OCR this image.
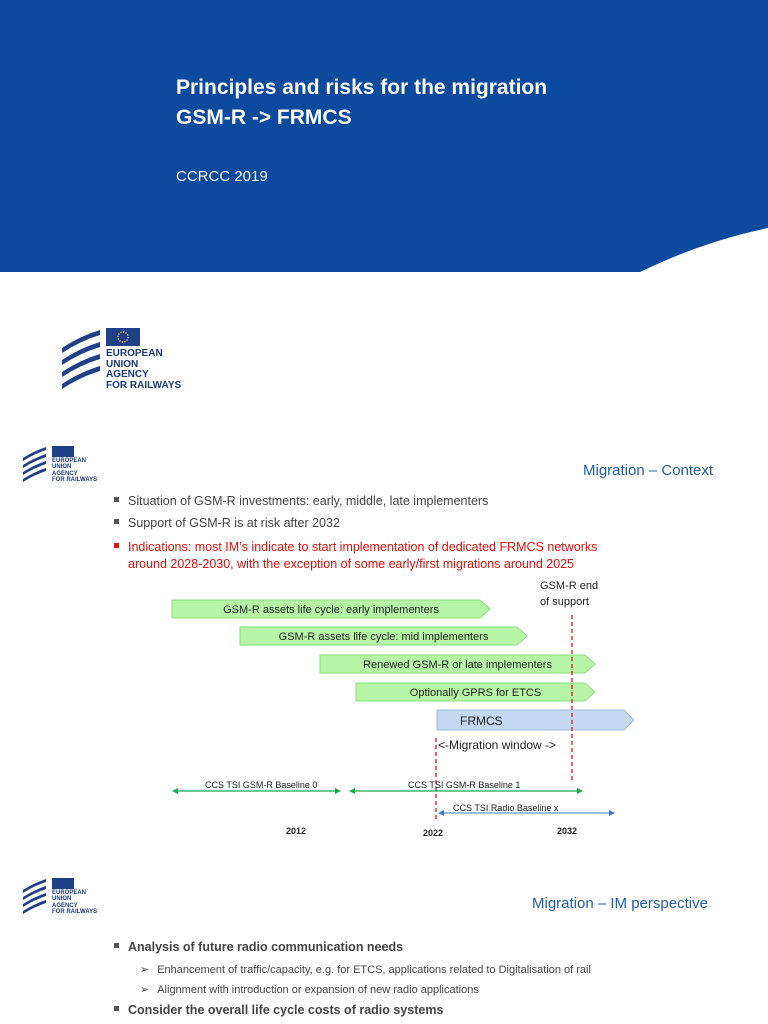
Principles and risks for the migration
GSM-R -> FRMCS
CCRCC 2019
EUROPEAN
UNION
AGENCY
FOR RAILWAYS
EUROPEAN
UNION
AGENCY
FOR RAILWAYS
Migration – Context
Situation of GSM-R investments: early, middle, late implementers
Support of GSM-R is at risk after 2032
Indications: most IM’s indicate to start implementation of dedicated FRMCS networks
around 2028-2030, with the exception of some early/first migrations around 2025
GSM-R end
of support
GSM-R assets life cycle: early implementers
GSM-R assets life cycle: mid implementers
Renewed GSM-R or late implementers
Optionally GPRS for ETCS
FRMCS
<-Migration window ->
CCS TSI GSM-R Baseline 0	CCS TSI GSM-R Baseline 1
CCS TSI Radio Baseline x
2012	2022	2032
EUROPEAN
UNION
AGENCY
FOR RAILWAYS	Migration – IM perspective
Analysis of future radio communication needs
➢ Enhancement of traffic/capacity, e.g. for ETCS, applications related to Digitalisation of rail
➢ Alignment with introduction or expansion of new radio applications
Consider the overall life cycle costs of radio systems
